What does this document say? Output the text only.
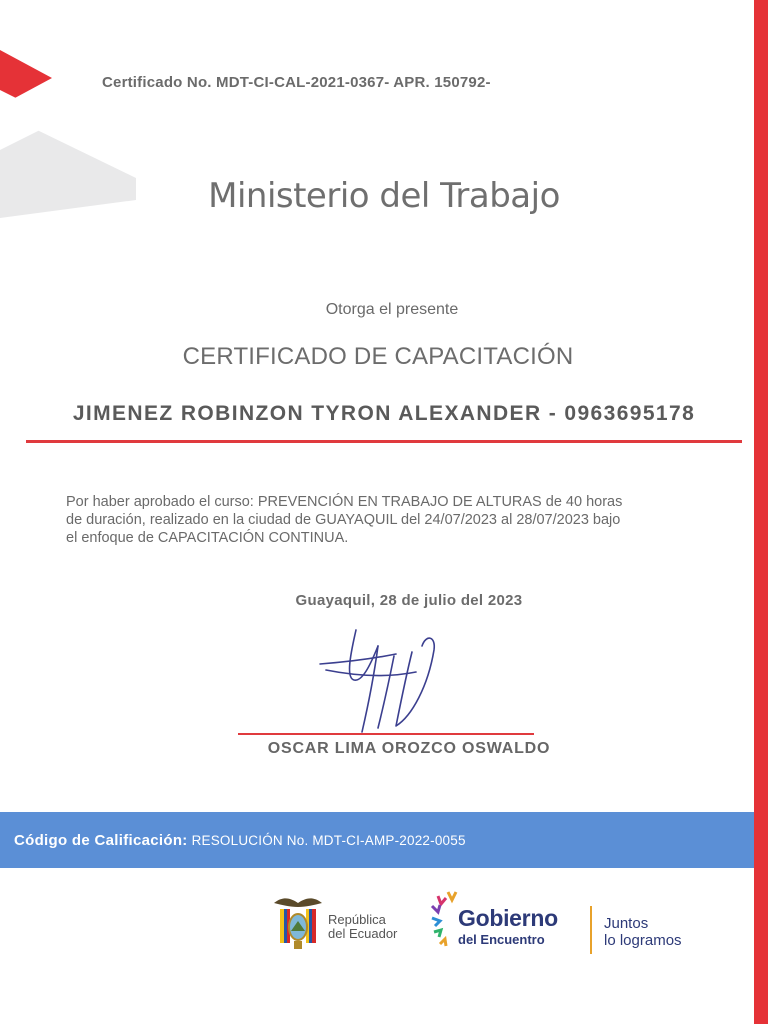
Certificado No. MDT-CI-CAL-2021-0367- APR. 150792-
Ministerio del Trabajo
Otorga el presente
CERTIFICADO DE CAPACITACIÓN
JIMENEZ ROBINZON TYRON ALEXANDER - 0963695178
Por haber aprobado el curso: PREVENCIÓN EN TRABAJO DE ALTURAS de 40 horas
de duración, realizado en la ciudad de GUAYAQUIL del 24/07/2023 al 28/07/2023 bajo
el enfoque de CAPACITACIÓN CONTINUA.
Guayaquil, 28 de julio del 2023
OSCAR LIMA OROZCO OSWALDO
Código de Calificación: RESOLUCIÓN No. MDT-CI-AMP-2022-0055
República
del Ecuador
Gobierno
del Encuentro
Juntos
lo logramos
